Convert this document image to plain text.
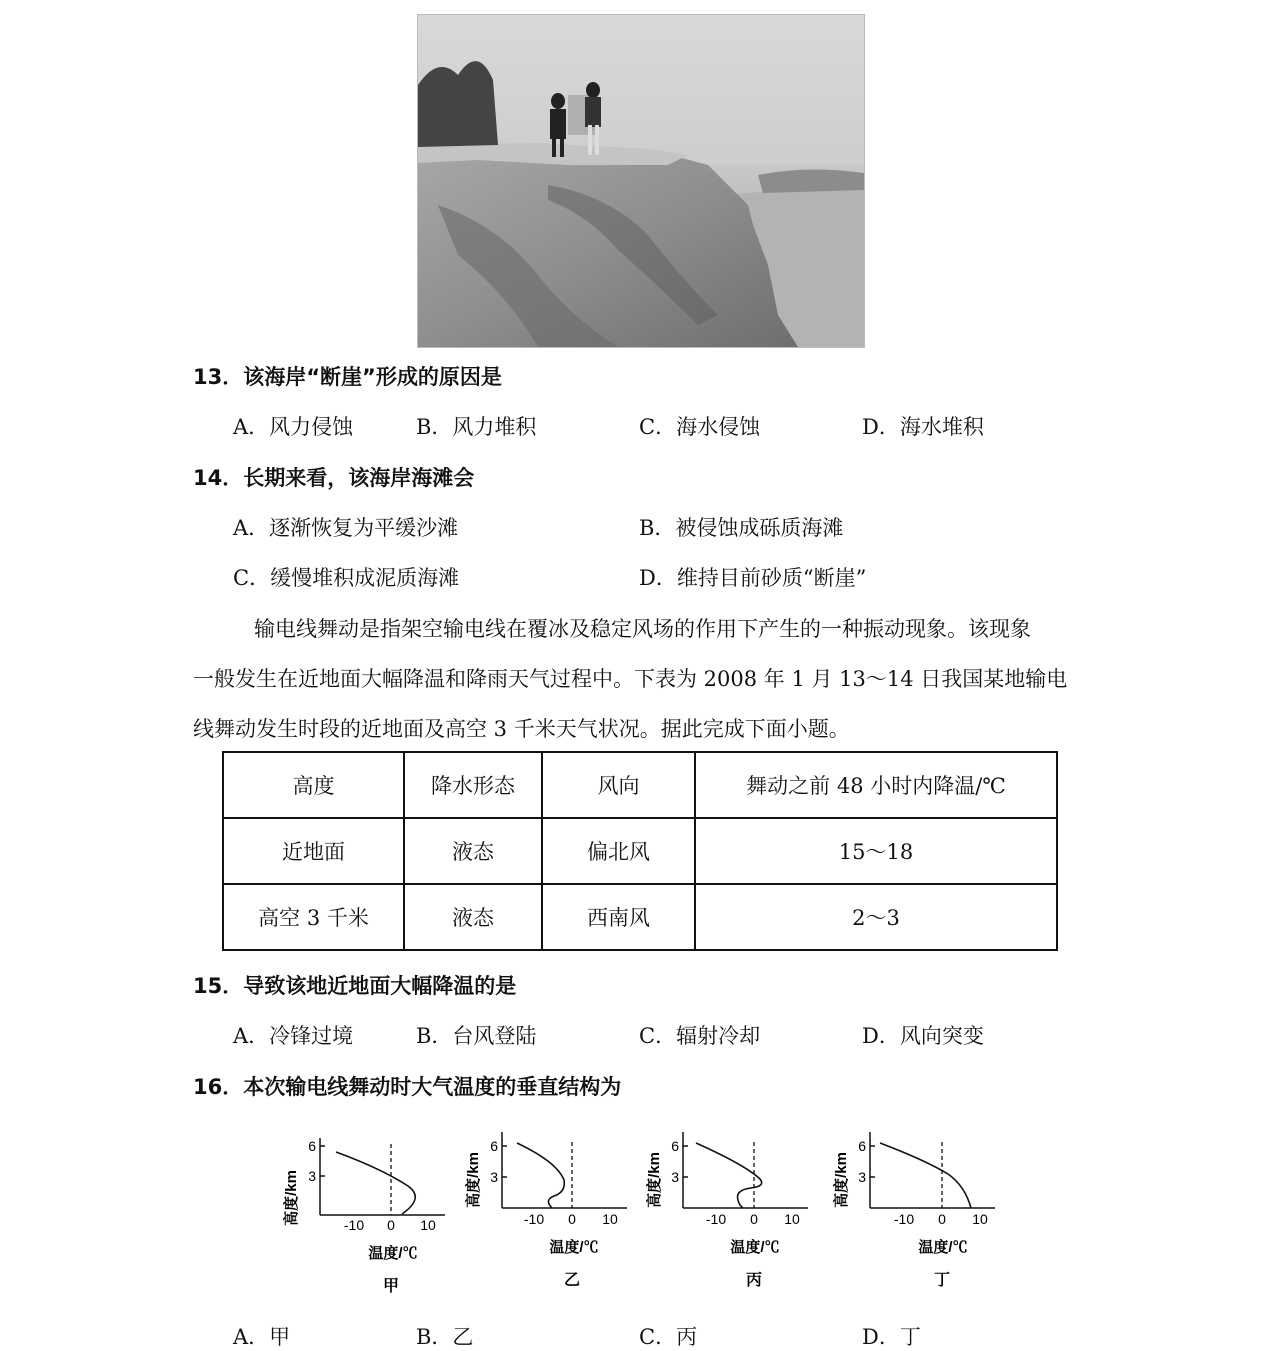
13．该海岸“断崖”形成的原因是
A．风力侵蚀	B．风力堆积	C．海水侵蚀	D．海水堆积
14．长期来看，该海岸海滩会
A．逐渐恢复为平缓沙滩	B．被侵蚀成砾质海滩
C．缓慢堆积成泥质海滩	D．维持目前砂质“断崖”
输电线舞动是指架空输电线在覆冰及稳定风场的作用下产生的一种振动现象。该现象
一般发生在近地面大幅降温和降雨天气过程中。下表为 2008 年 1 月 13～14 日我国某地输电
线舞动发生时段的近地面及高空 3 千米天气状况。据此完成下面小题。
高度	降水形态	风向	舞动之前 48 小时内降温/℃
近地面	液态	偏北风	15～18
高空 3 千米	液态	西南风	2～3
15．导致该地近地面大幅降温的是
A．冷锋过境	B．台风登陆	C．辐射冷却	D．风向突变
16．本次输电线舞动时大气温度的垂直结构为
高度/km
6
3
-10 0 10
温度/℃
甲
高度/km
6
3
-10 0 10
温度/℃
乙
高度/km
6
3
-10 0 10
温度/℃
丙
高度/km
6
3
-10 0 10
温度/℃
丁
A．甲	B．乙	C．丙	D．丁
